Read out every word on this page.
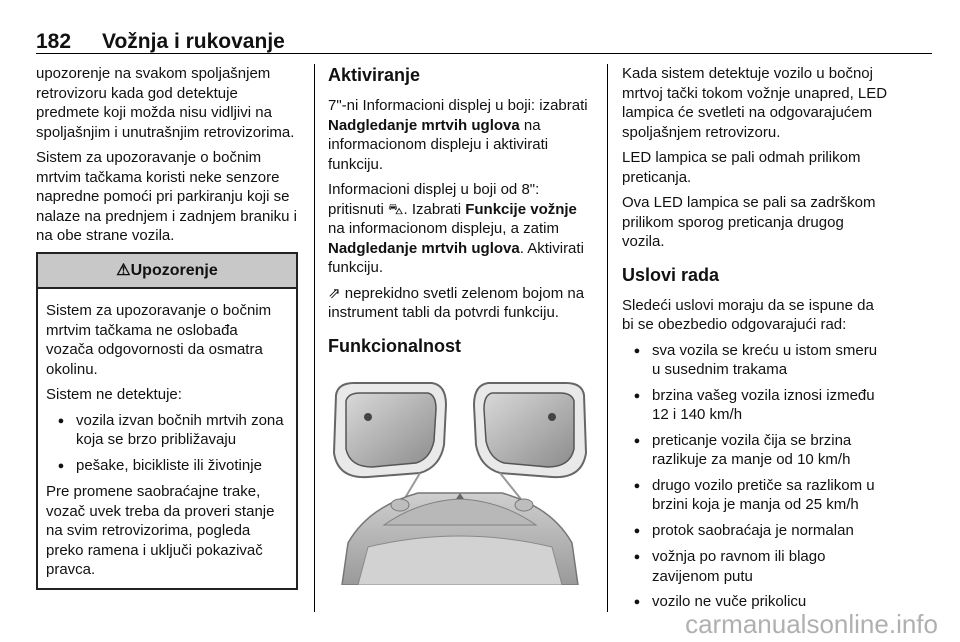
182 Vožnja i rukovanje

upozorenje na svakom spoljašnjem retrovizoru kada god detektuje predmete koji možda nisu vidljivi na spoljašnjim i unutrašnjim retrovizorima.

Sistem za upozoravanje o bočnim mrtvim tačkama koristi neke senzore napredne pomoći pri parkiranju koji se nalaze na prednjem i zadnjem braniku i na obe strane vozila.

⚠Upozorenje

Sistem za upozoravanje o bočnim mrtvim tačkama ne oslobađa vozača odgovornosti da osmatra okolinu.

Sistem ne detektuje:

● vozila izvan bočnih mrtvih zona koja se brzo približavaju
● pešake, bicikliste ili životinje

Pre promene saobraćajne trake, vozač uvek treba da proveri stanje na svim retrovizorima, pogleda preko ramena i uključi pokazivač pravca.

Aktiviranje

7"-ni Informacioni displej u boji: izabrati Nadgledanje mrtvih uglova na informacionom displeju i aktivirati funkciju.

Informacioni displej u boji od 8": pritisnuti ⛍. Izabrati Funkcije vožnje na informacionom displeju, a zatim Nadgledanje mrtvih uglova. Aktivirati funkciju.

⇗ neprekidno svetli zelenom bojom na instrument tabli da potvrdi funkciju.

Funkcionalnost

Kada sistem detektuje vozilo u bočnoj mrtvoj tački tokom vožnje unapred, LED lampica će svetleti na odgovarajućem spoljašnjem retrovizoru.

LED lampica se pali odmah prilikom preticanja.

Ova LED lampica se pali sa zadrškom prilikom sporog preticanja drugog vozila.

Uslovi rada

Sledeći uslovi moraju da se ispune da bi se obezbedio odgovarajući rad:

● sva vozila se kreću u istom smeru u susednim trakama
● brzina vašeg vozila iznosi između 12 i 140 km/h
● preticanje vozila čija se brzina razlikuje za manje od 10 km/h
● drugo vozilo pretiče sa razlikom u brzini koja je manja od 25 km/h
● protok saobraćaja je normalan
● vožnja po ravnom ili blago zavijenom putu
● vozilo ne vuče prikolicu
carmanualsonline.info
